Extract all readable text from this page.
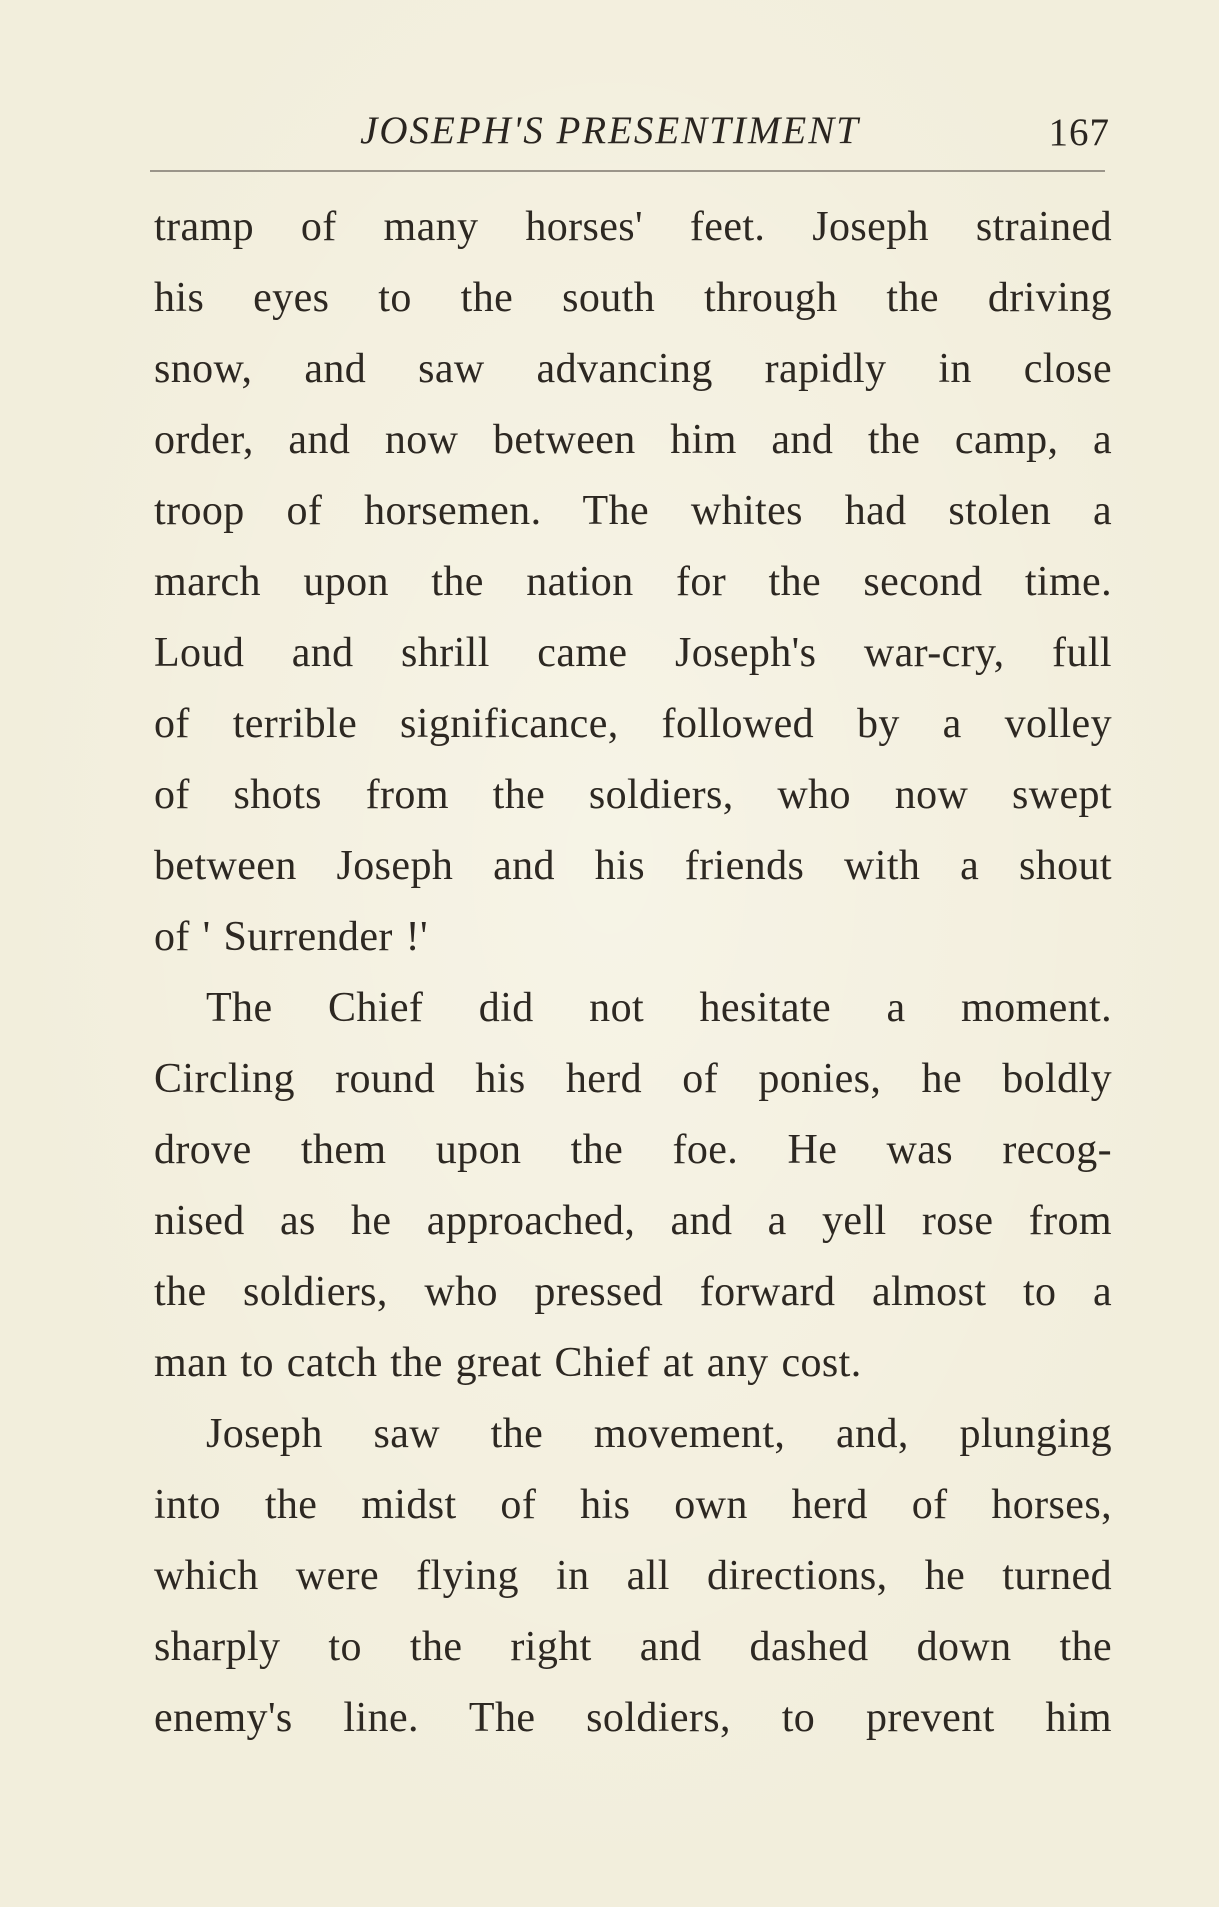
JOSEPH'S PRESENTIMENT	167
tramp of many horses' feet. Joseph strained
his eyes to the south through the driving
snow, and saw advancing rapidly in close
order, and now between him and the camp, a
troop of horsemen. The whites had stolen a
march upon the nation for the second time.
Loud and shrill came Joseph's war-cry, full
of terrible significance, followed by a volley
of shots from the soldiers, who now swept
between Joseph and his friends with a shout
of ' Surrender !'
The Chief did not hesitate a moment.
Circling round his herd of ponies, he boldly
drove them upon the foe. He was recog-
nised as he approached, and a yell rose from
the soldiers, who pressed forward almost to a
man to catch the great Chief at any cost.
Joseph saw the movement, and, plunging
into the midst of his own herd of horses,
which were flying in all directions, he turned
sharply to the right and dashed down the
enemy's line. The soldiers, to prevent him
